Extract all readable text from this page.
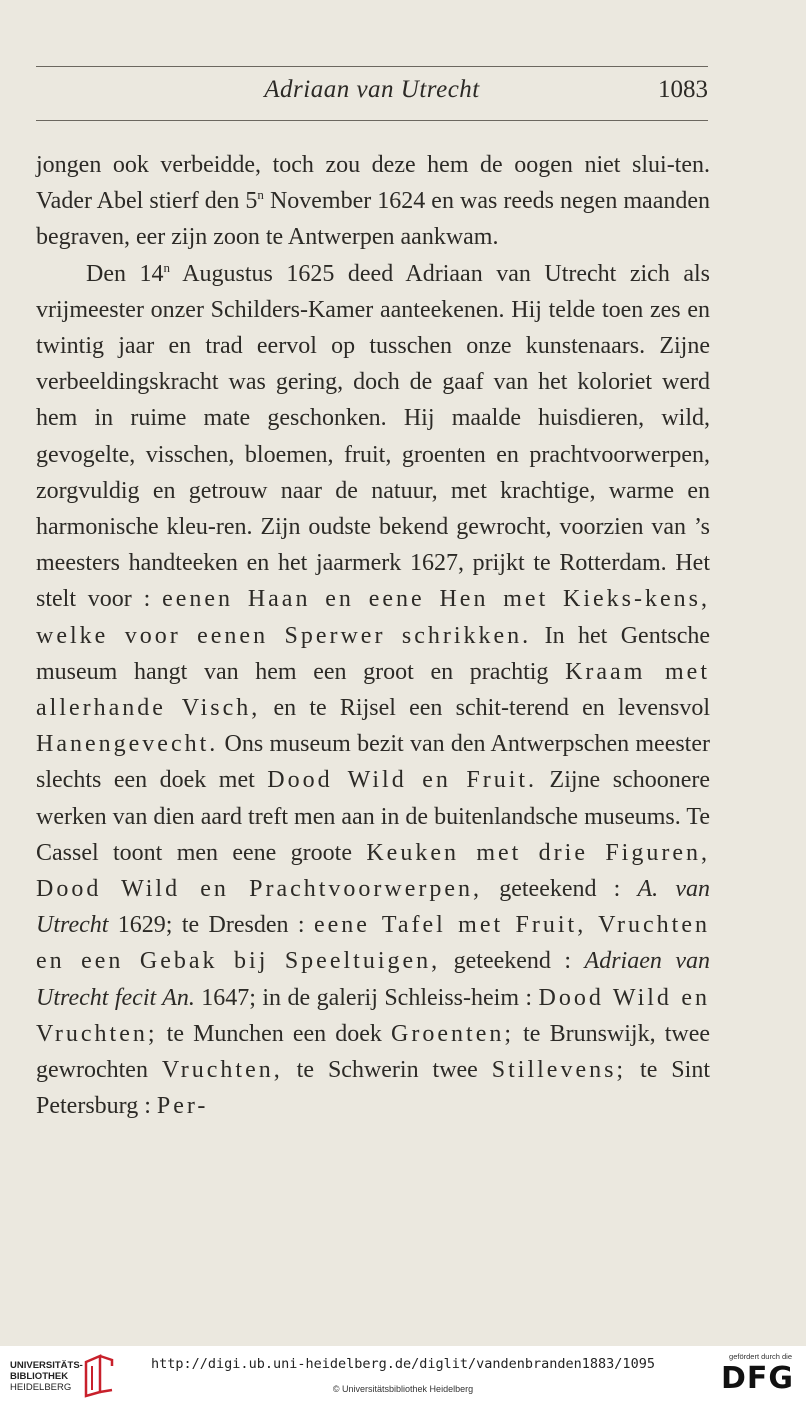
Adriaan van Utrecht	1083

jongen ook verbeidde, toch zou deze hem de oogen niet slui-ten. Vader Abel stierf den 5$^n$ November 1624 en was reeds negen maanden begraven, eer zijn zoon te Antwerpen aankwam.

Den 14$^n$ Augustus 1625 deed Adriaan van Utrecht zich als vrijmeester onzer Schilders-Kamer aanteekenen. Hij telde toen zes en twintig jaar en trad eervol op tusschen onze kunstenaars. Zijne verbeeldingskracht was gering, doch de gaaf van het koloriet werd hem in ruime mate geschonken. Hij maalde huisdieren, wild, gevogelte, visschen, bloemen, fruit, groenten en prachtvoorwerpen, zorgvuldig en getrouw naar de natuur, met krachtige, warme en harmonische kleu-ren. Zijn oudste bekend gewrocht, voorzien van ’s meesters handteeken en het jaarmerk 1627, prijkt te Rotterdam. Het stelt voor : eenen Haan en eene Hen met Kieks-kens, welke voor eenen Sperwer schrikken. In het Gentsche museum hangt van hem een groot en prachtig Kraam met allerhande Visch, en te Rijsel een schit-terend en levensvol Hanengevecht. Ons museum bezit van den Antwerpschen meester slechts een doek met Dood Wild en Fruit. Zijne schoonere werken van dien aard treft men aan in de buitenlandsche museums. Te Cassel toont men eene groote Keuken met drie Figuren, Dood Wild en Prachtvoorwerpen, geteekend : A. van Utrecht 1629; te Dresden : eene Tafel met Fruit, Vruchten en een Gebak bij Speeltuigen, geteekend : Adriaen van Utrecht fecit An. 1647; in de galerij Schleiss-heim : Dood Wild en Vruchten; te Munchen een doek Groenten; te Brunswijk, twee gewrochten Vruchten, te Schwerin twee Stillevens; te Sint Petersburg : Per-

UNIVERSITÄTS-
BIBLIOTHEK
HEIDELBERG
http://digi.ub.uni-heidelberg.de/diglit/vandenbranden1883/1095
© Universitätsbibliothek Heidelberg
gefördert durch die
DFG
